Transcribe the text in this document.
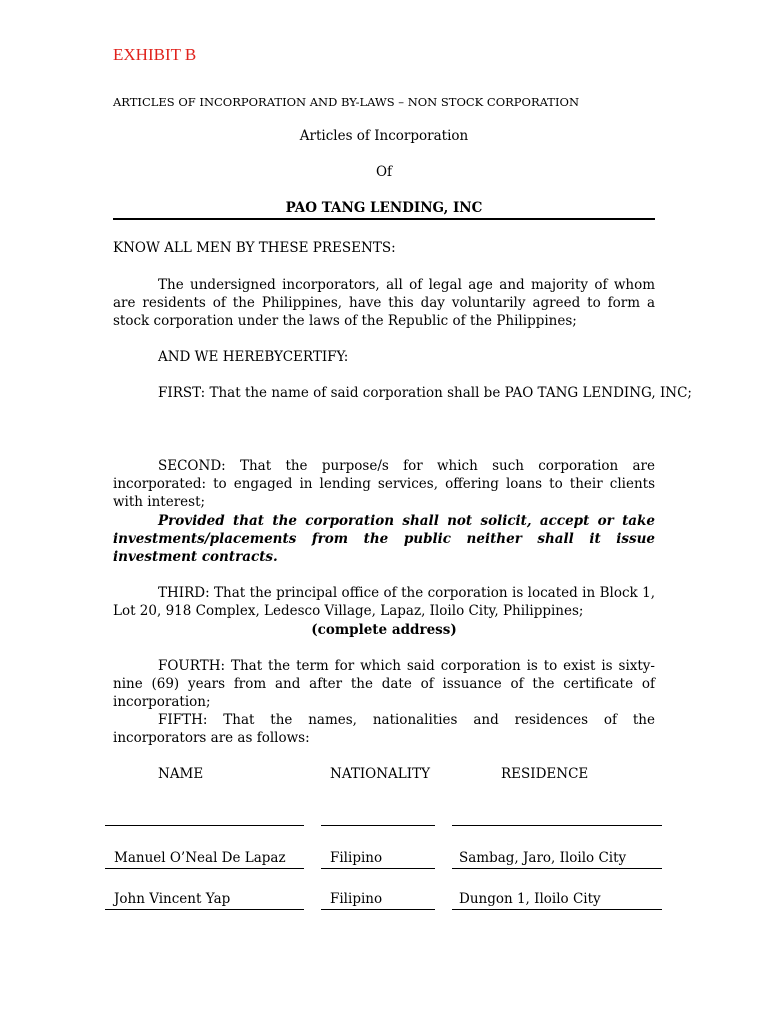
EXHIBIT B
ARTICLES OF INCORPORATION AND BY-LAWS – NON STOCK CORPORATION
Articles of Incorporation
Of
PAO TANG LENDING, INC
KNOW ALL MEN BY THESE PRESENTS:
The undersigned incorporators, all of legal age and majority of whom are residents of the Philippines, have this day voluntarily agreed to form a stock corporation under the laws of the Republic of the Philippines;
AND WE HEREBYCERTIFY:
FIRST: That the name of said corporation shall be PAO TANG LENDING, INC;
SECOND: That the purpose/s for which such corporation are incorporated: to engaged in lending services, offering loans to their clients with interest;
Provided that the corporation shall not solicit, accept or take investments/placements from the public neither shall it issue investment contracts.
THIRD: That the principal office of the corporation is located in Block 1, Lot 20, 918 Complex, Ledesco Village, Lapaz, Iloilo City, Philippines;
(complete address)
FOURTH: That the term for which said corporation is to exist is sixty-nine (69) years from and after the date of issuance of the certificate of incorporation;
FIFTH: That the names, nationalities and residences of the incorporators are as follows:
NAME	NATIONALITY	RESIDENCE
Manuel O’Neal De Lapaz	Filipino	Sambag, Jaro, Iloilo City
John Vincent Yap	Filipino	Dungon 1, Iloilo City
